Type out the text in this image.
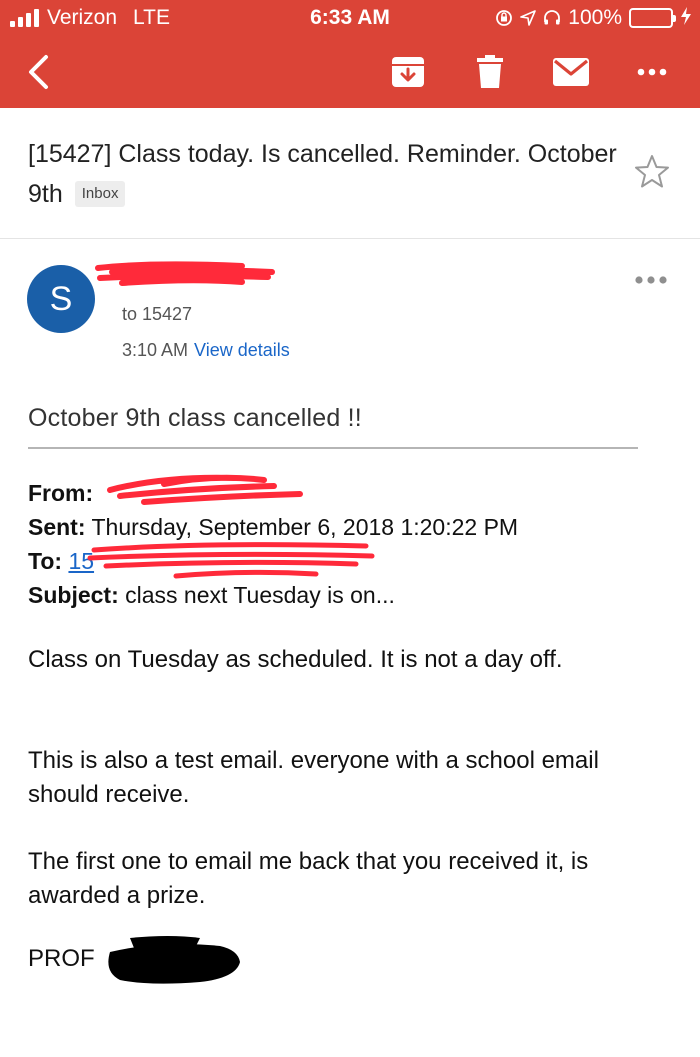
Verizon LTE	6:33 AM	100%
[15427] Class today. Is cancelled. Reminder. October 9th Inbox
S	to 15427
3:10 AM View details
October 9th class cancelled !!
From:
Sent: Thursday, September 6, 2018 1:20:22 PM
To: 15
Subject: class next Tuesday is on...
Class on Tuesday as scheduled. It is not a day off.
This is also a test email. everyone with a school email should receive.
The first one to email me back that you received it, is awarded a prize.
PROF
